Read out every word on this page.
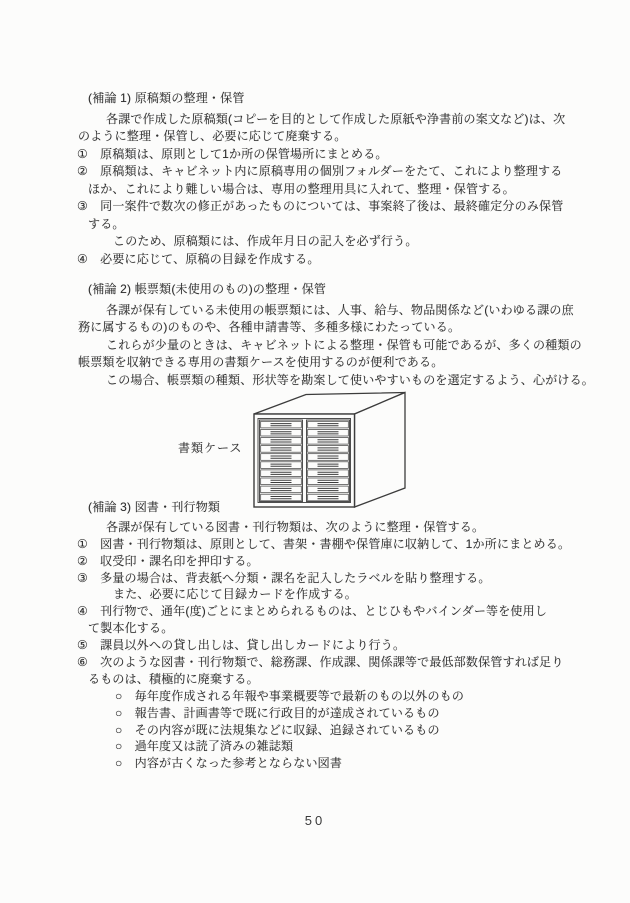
(補論 1) 原稿類の整理・保管
各課で作成した原稿類(コピーを目的として作成した原紙や浄書前の案文など)は、次
のように整理・保管し、必要に応じて廃棄する。
①　原稿類は、原則として1か所の保管場所にまとめる。
②　原稿類は、キャビネット内に原稿専用の個別フォルダーをたて、これにより整理する
ほか、これにより難しい場合は、専用の整理用具に入れて、整理・保管する。
③　同一案件で数次の修正があったものについては、事案終了後は、最終確定分のみ保管
する。
このため、原稿類には、作成年月日の記入を必ず行う。
④　必要に応じて、原稿の目録を作成する。
(補論 2) 帳票類(未使用のもの)の整理・保管
各課が保有している未使用の帳票類には、人事、給与、物品関係など(いわゆる課の庶
務に属するもの)のものや、各種申請書等、多種多様にわたっている。
これらが少量のときは、キャビネットによる整理・保管も可能であるが、多くの種類の
帳票類を収納できる専用の書類ケースを使用するのが便利である。
この場合、帳票類の種類、形状等を勘案して使いやすいものを選定するよう、心がける。
書類ケース
(補論 3) 図書・刊行物類
各課が保有している図書・刊行物類は、次のように整理・保管する。
①　図書・刊行物類は、原則として、書架・書棚や保管庫に収納して、1か所にまとめる。
②　収受印・課名印を押印する。
③　多量の場合は、背表紙へ分類・課名を記入したラベルを貼り整理する。
また、必要に応じて目録カードを作成する。
④　刊行物で、通年(度)ごとにまとめられるものは、とじひもやバインダー等を使用し
て製本化する。
⑤　課員以外への貸し出しは、貸し出しカードにより行う。
⑥　次のような図書・刊行物類で、総務課、作成課、関係課等で最低部数保管すれば足り
るものは、積極的に廃棄する。
○　毎年度作成される年報や事業概要等で最新のもの以外のもの
○　報告書、計画書等で既に行政目的が達成されているもの
○　その内容が既に法規集などに収録、追録されているもの
○　過年度又は読了済みの雑誌類
○　内容が古くなった参考とならない図書
50
